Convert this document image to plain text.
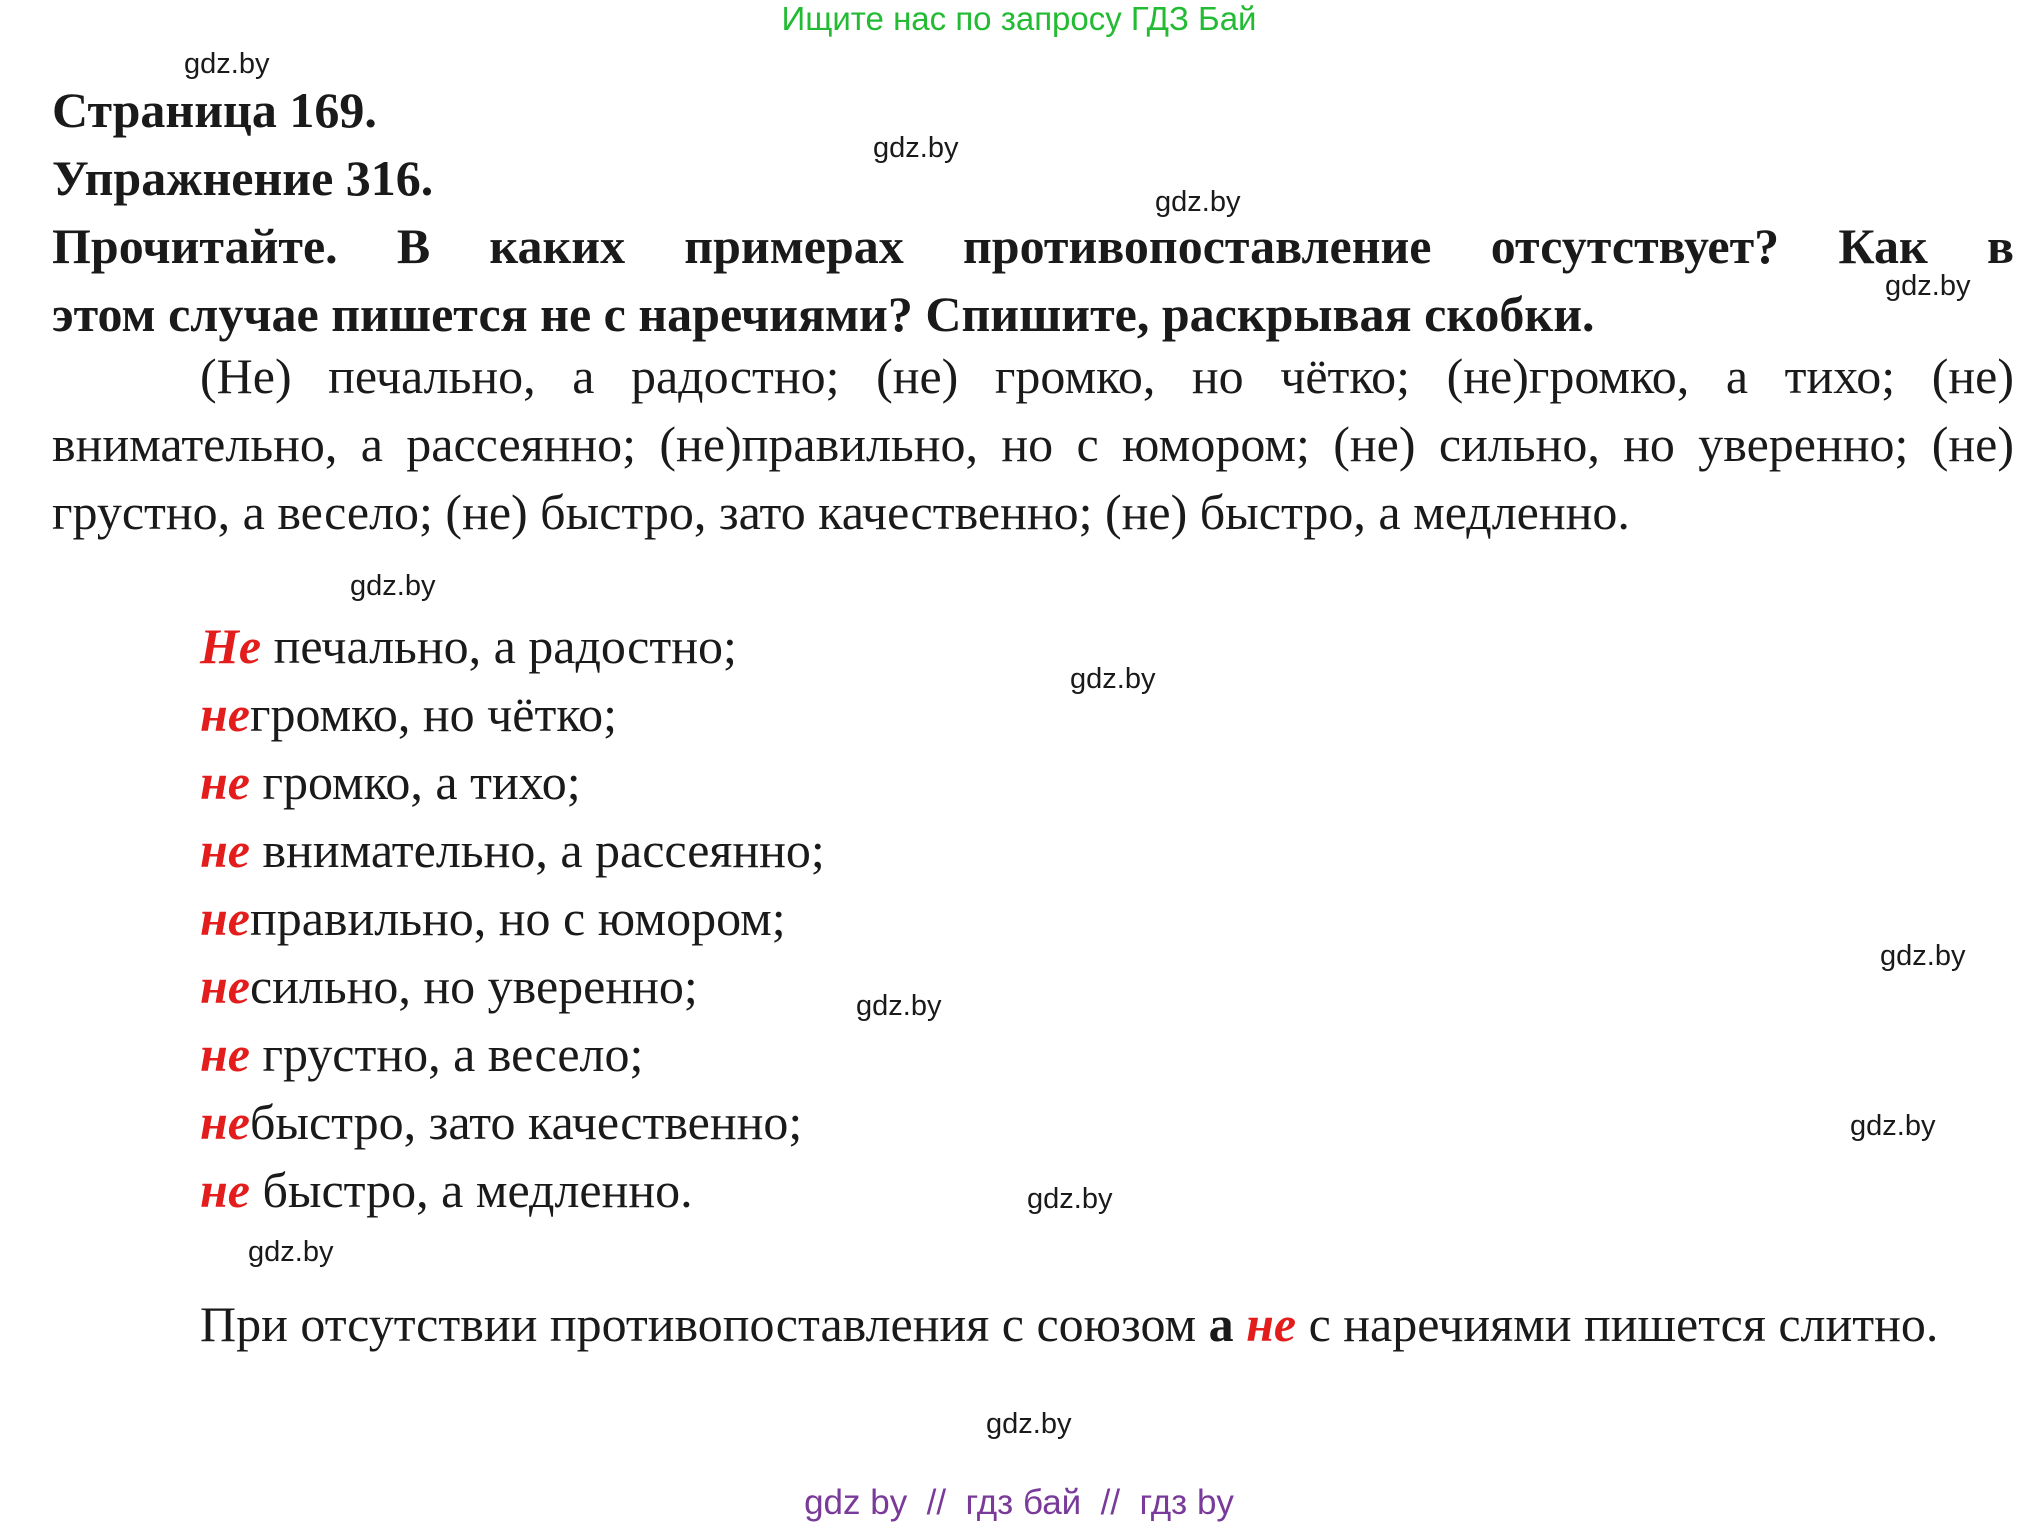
Ищите нас по запросу ГДЗ Бай
gdz.by
Страница 169.
gdz.by
Упражнение 316.	gdz.by
Прочитайте. В каких примерах противопоставление отсутствует? Как в
этом случае пишется не с наречиями? Спишите, раскрывая скобки.	gdz.by
(Не) печально, а радостно; (не) громко, но чётко; (не)громко, а тихо; (не) внимательно, а рассеянно; (не)правильно, но с юмором; (не) сильно, но уверенно; (не) грустно, а весело; (не) быстро, зато качественно; (не) быстро, а медленно.
gdz.by
Не печально, а радостно;
негромко, но чётко;
не громко, а тихо;
не внимательно, а рассеянно;
неправильно, но с юмором;
несильно, но уверенно;
не грустно, а весело;
небыстро, зато качественно;
не быстро, а медленно.
gdz.by
gdz.by
gdz.by
gdz.by
gdz.by
gdz.by
При отсутствии противопоставления с союзом а не с наречиями пишется слитно.
gdz.by
gdz by  //  гдз бай  //  гдз by
